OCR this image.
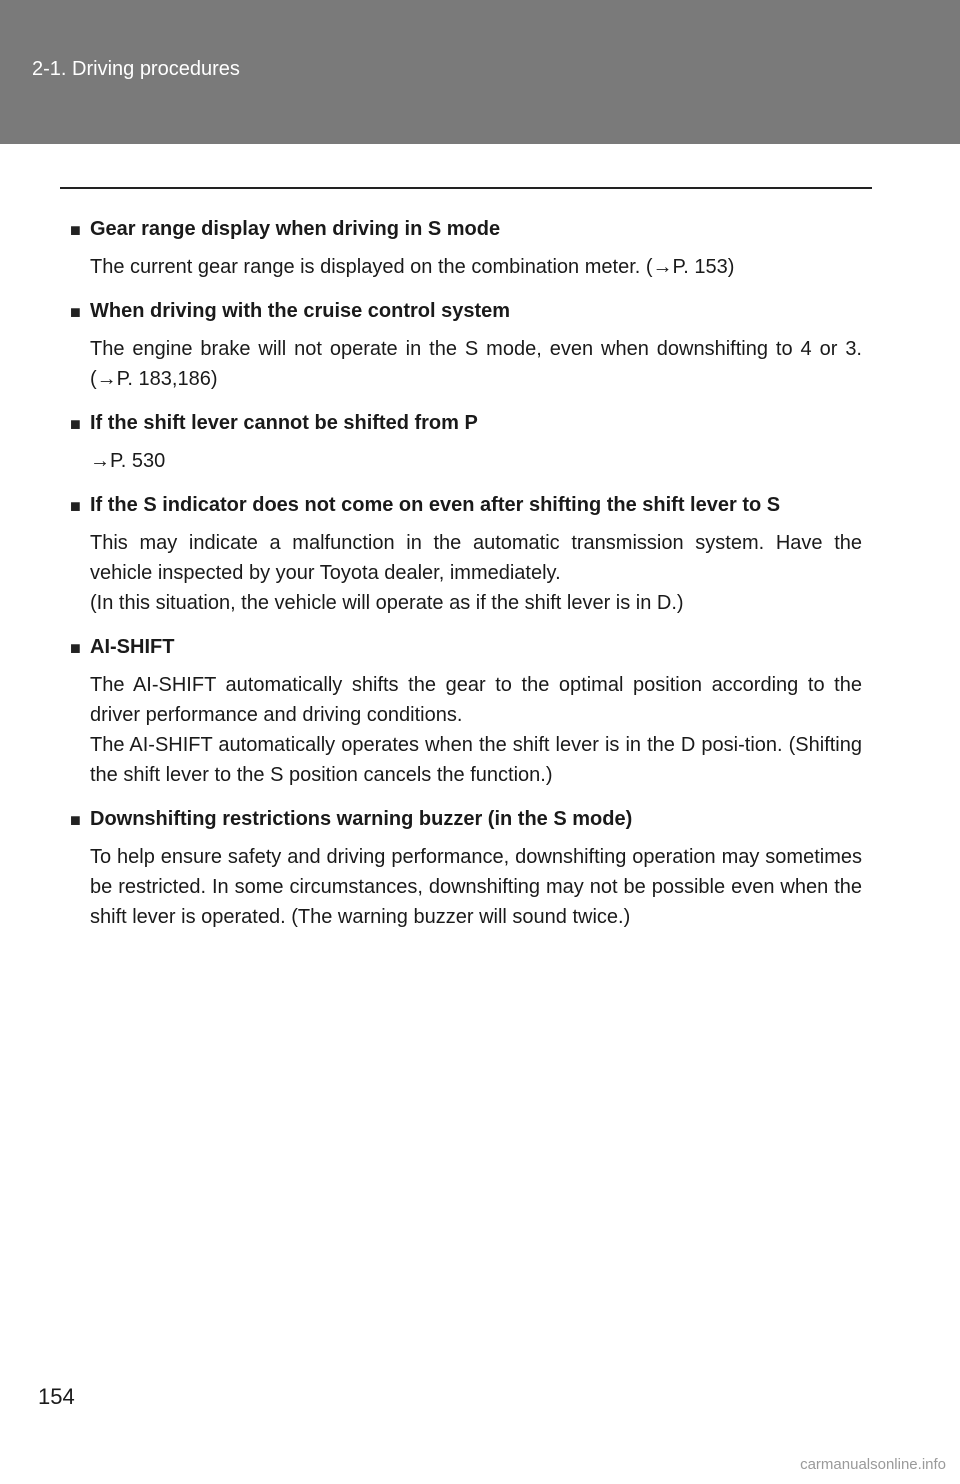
2-1. Driving procedures
■ Gear range display when driving in S mode

The current gear range is displayed on the combination meter. (→P. 153)

■ When driving with the cruise control system

The engine brake will not operate in the S mode, even when downshifting to 4 or 3. (→P. 183,186)

■ If the shift lever cannot be shifted from P

→P. 530

■ If the S indicator does not come on even after shifting the shift lever to S

This may indicate a malfunction in the automatic transmission system. Have the vehicle inspected by your Toyota dealer, immediately.

(In this situation, the vehicle will operate as if the shift lever is in D.)

■ AI-SHIFT

The AI-SHIFT automatically shifts the gear to the optimal position according to the driver performance and driving conditions.

The AI-SHIFT automatically operates when the shift lever is in the D posi-tion. (Shifting the shift lever to the S position cancels the function.)

■ Downshifting restrictions warning buzzer (in the S mode)

To help ensure safety and driving performance, downshifting operation may sometimes be restricted. In some circumstances, downshifting may not be possible even when the shift lever is operated. (The warning buzzer will sound twice.)

154
carmanualsonline.info
